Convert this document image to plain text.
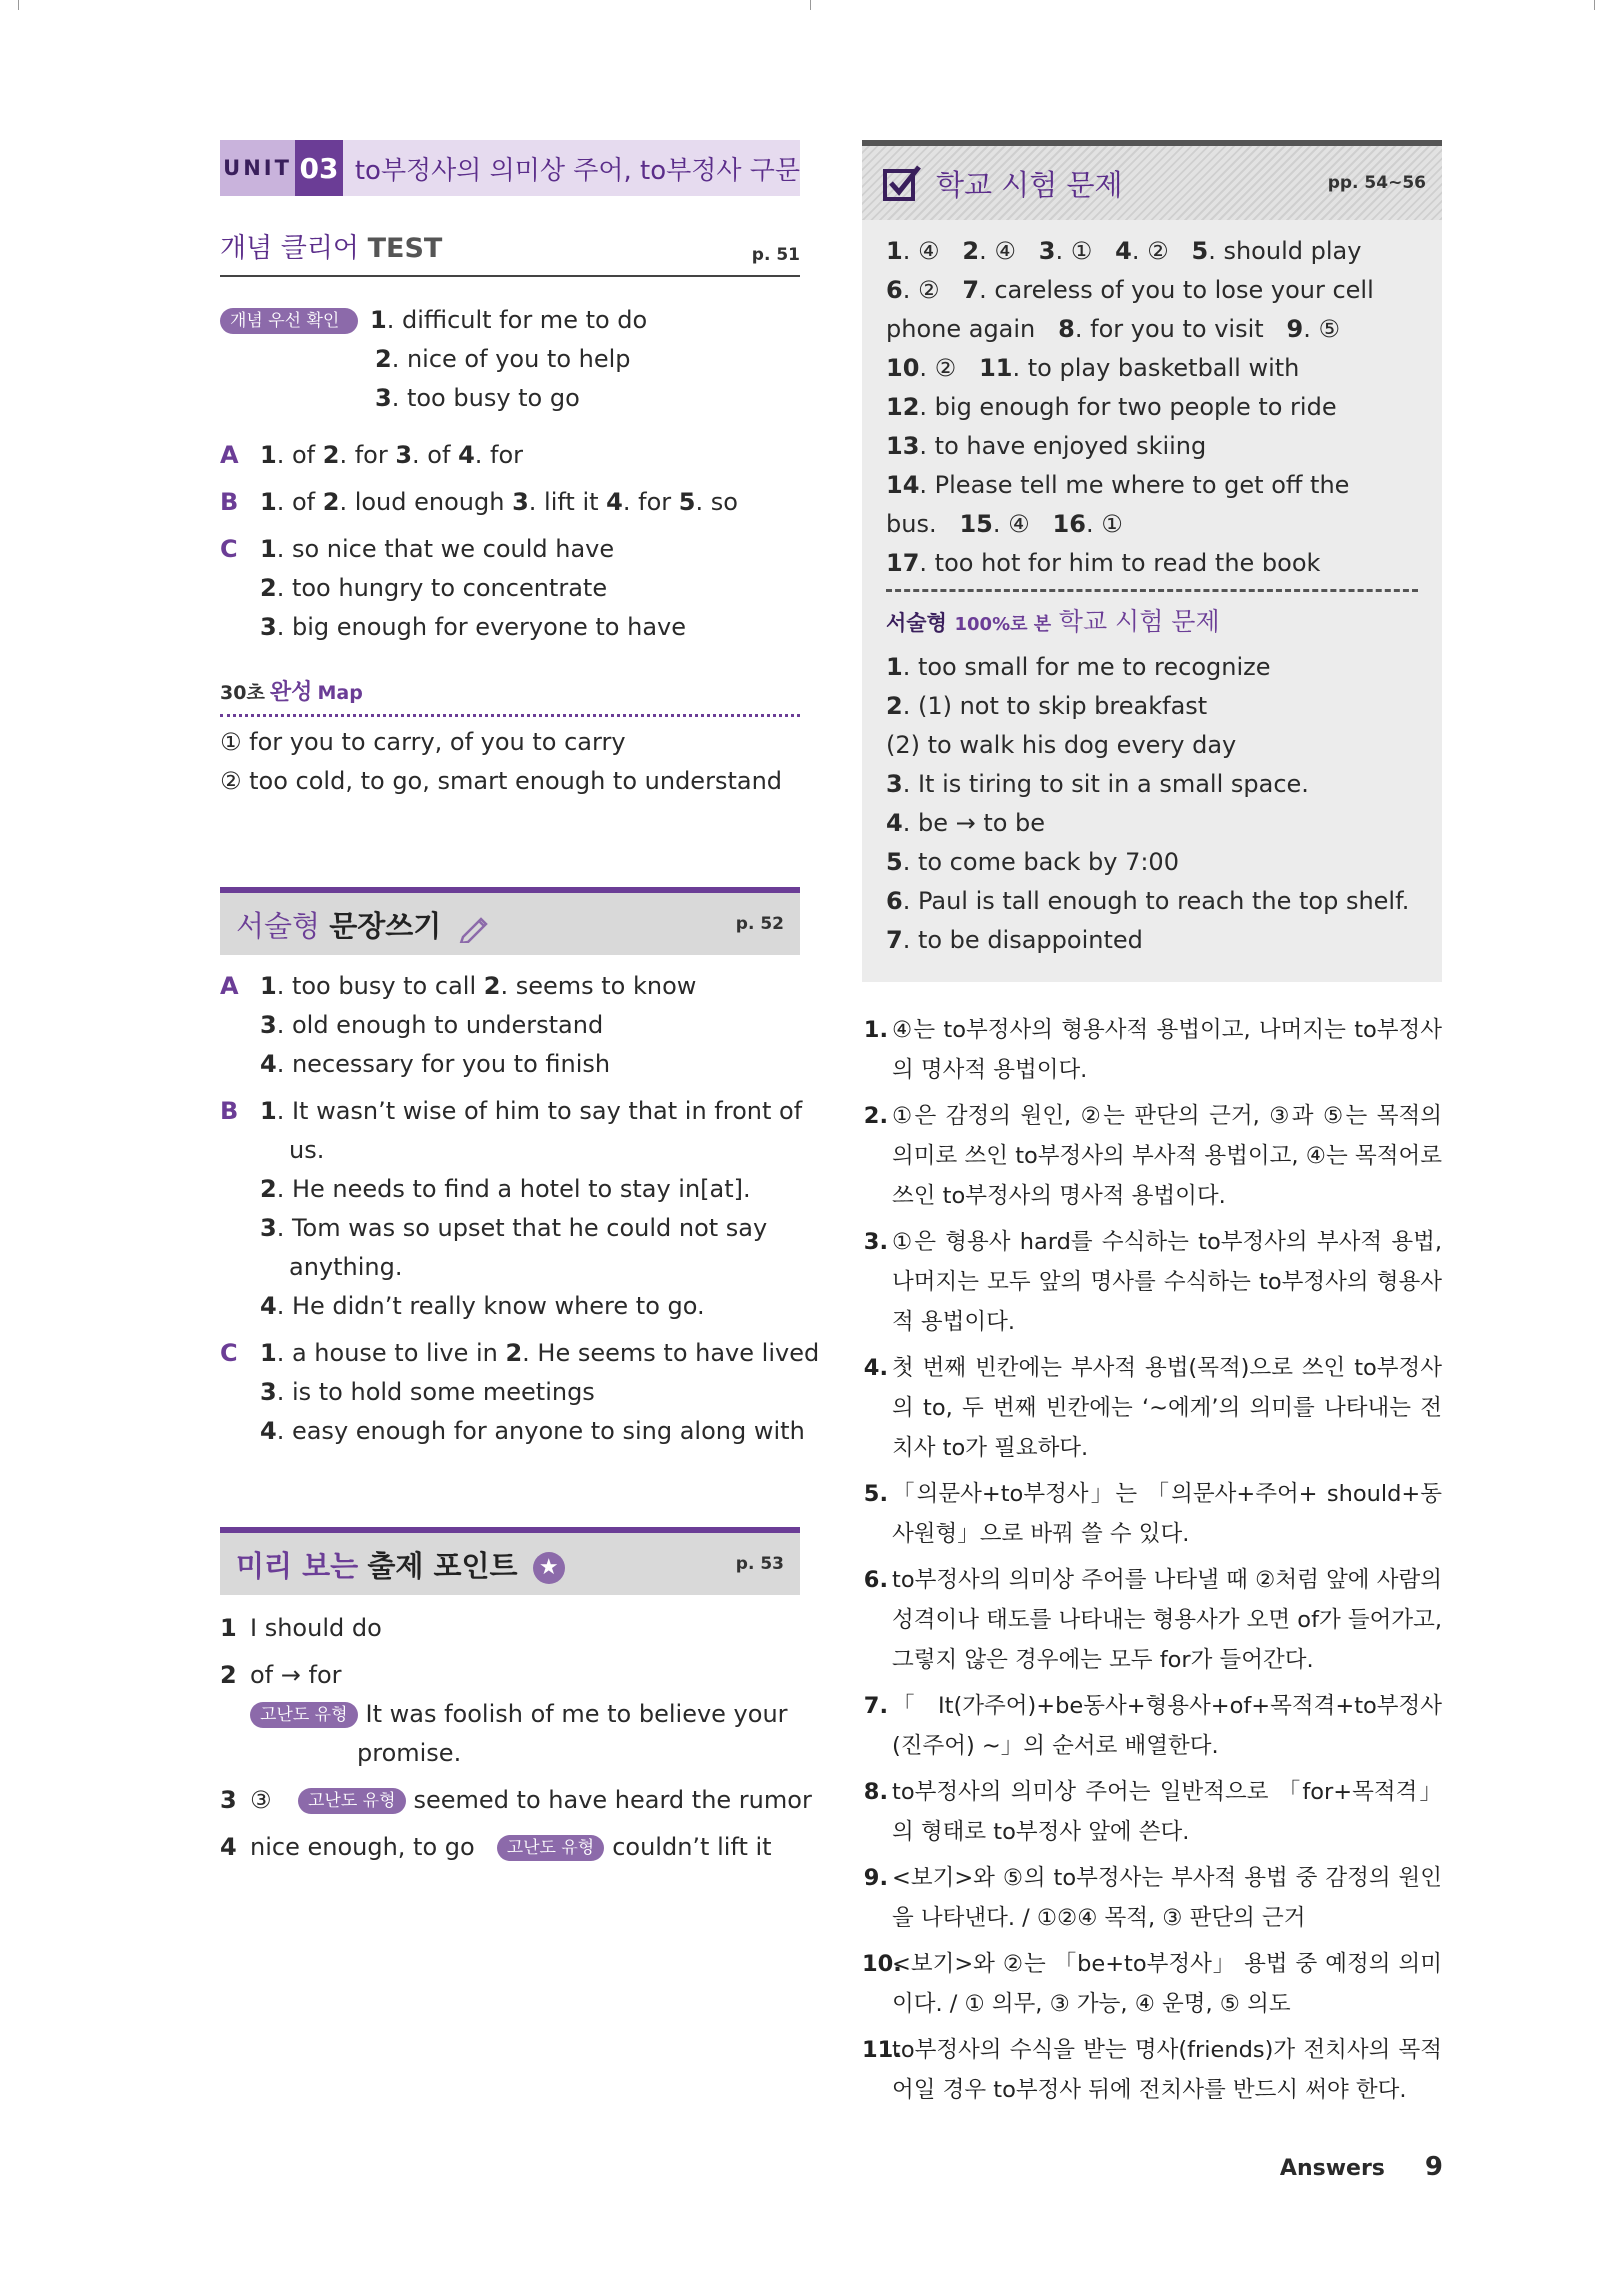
UNIT 03 to부정사의 의미상 주어, to부정사 구문
개념 클리어 TEST	p. 51
개념 우선 확인 1. difficult for me to do
2. nice of you to help
3. too busy to go
A 1. of 2. for 3. of 4. for
B 1. of 2. loud enough 3. lift it 4. for 5. so
C 1. so nice that we could have
2. too hungry to concentrate
3. big enough for everyone to have
30초 완성 Map
① for you to carry, of you to carry
② too cold, to go, smart enough to understand
서술형 문장쓰기	p. 52
A 1. too busy to call 2. seems to know
3. old enough to understand
4. necessary for you to finish
B 1. It wasn’t wise of him to say that in front of
us.
2. He needs to find a hotel to stay in[at].
3. Tom was so upset that he could not say
anything.
4. He didn’t really know where to go.
C 1. a house to live in 2. He seems to have lived
3. is to hold some meetings
4. easy enough for anyone to sing along with
미리 보는 출제 포인트 ★	p. 53
1 I should do
2 of → for
고난도 유형 It was foolish of me to believe your
promise.
3 ③ 고난도 유형 seemed to have heard the rumor
4 nice enough, to go 고난도 유형 couldn’t lift it
학교 시험 문제	pp. 54~56
1. ④   2. ④   3. ①   4. ②   5. should play
6. ②   7. careless of you to lose your cell
phone again   8. for you to visit   9. ⑤
10. ②   11. to play basketball with
12. big enough for two people to ride
13. to have enjoyed skiing
14. Please tell me where to get off the
bus.   15. ④   16. ①
17. too hot for him to read the book
서술형 100%로 본 학교 시험 문제
1. too small for me to recognize
2. (1) not to skip breakfast
(2) to walk his dog every day
3. It is tiring to sit in a small space.
4. be → to be
5. to come back by 7:00
6. Paul is tall enough to reach the top shelf.
7. to be disappointed
1. ④는 to부정사의 형용사적 용법이고, 나머지는 to부정사의 명사적 용법이다.
2. ①은 감정의 원인, ②는 판단의 근거, ③과 ⑤는 목적의 의미로 쓰인 to부정사의 부사적 용법이고, ④는 목적어로 쓰인 to부정사의 명사적 용법이다.
3. ①은 형용사 hard를 수식하는 to부정사의 부사적 용법, 나머지는 모두 앞의 명사를 수식하는 to부정사의 형용사적 용법이다.
4. 첫 번째 빈칸에는 부사적 용법(목적)으로 쓰인 to부정사의 to, 두 번째 빈칸에는 ‘~에게’의 의미를 나타내는 전치사 to가 필요하다.
5. 「의문사+to부정사」는 「의문사+주어+ should+동사원형」으로 바꿔 쓸 수 있다.
6. to부정사의 의미상 주어를 나타낼 때 ②처럼 앞에 사람의 성격이나 태도를 나타내는 형용사가 오면 of가 들어가고, 그렇지 않은 경우에는 모두 for가 들어간다.
7. 「It(가주어)+be동사+형용사+of+목적격+to부정사(진주어) ~」의 순서로 배열한다.
8. to부정사의 의미상 주어는 일반적으로 「for+목적격」의 형태로 to부정사 앞에 쓴다.
9. <보기>와 ⑤의 to부정사는 부사적 용법 중 감정의 원인을 나타낸다. / ①②④ 목적, ③ 판단의 근거
10.
<보기>와 ②는 「be+to부정사」 용법 중 예정의 의미이다. / ① 의무, ③ 가능, ④ 운명, ⑤ 의도
11.
to부정사의 수식을 받는 명사(friends)가 전치사의 목적어일 경우 to부정사 뒤에 전치사를 반드시 써야 한다.
Answers 9
